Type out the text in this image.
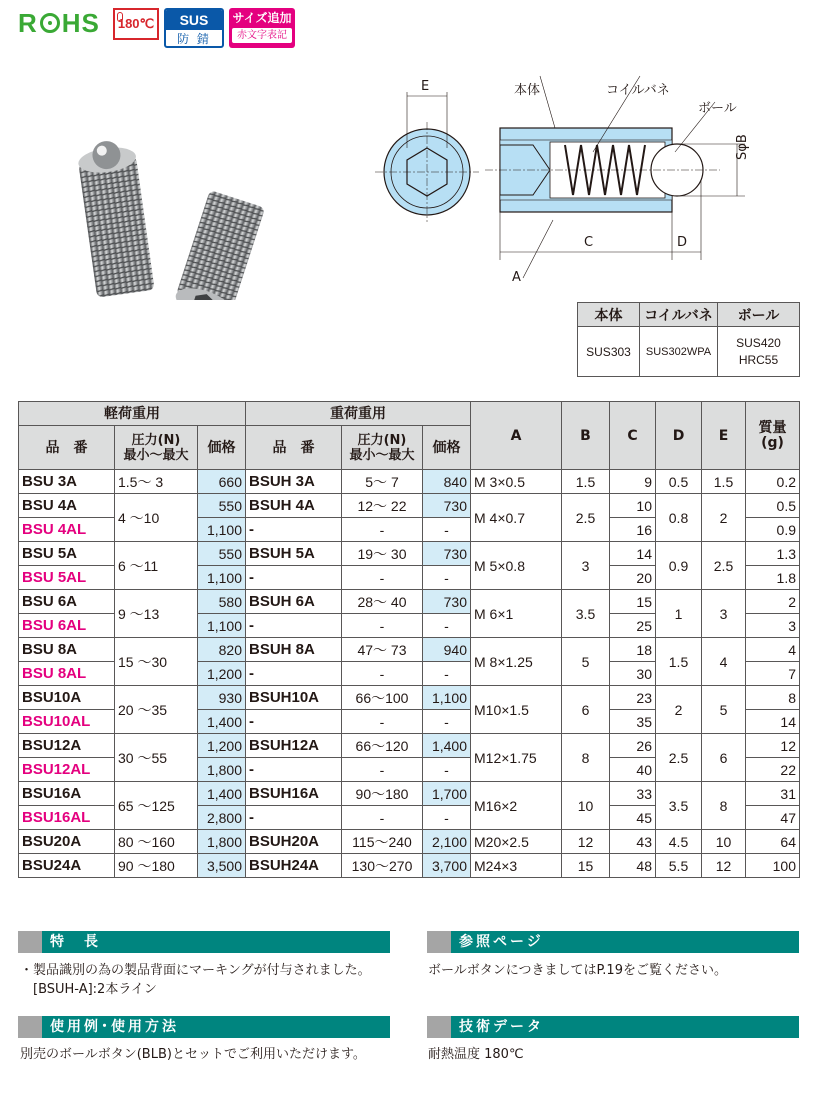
R HS 180℃	SUS
防 錆
サイズ追加
赤文字表記
E	本体	コイルバネ
ボール
SφB
C	D
A
本体	コイルバネ	ボール
SUS303	SUS302WPA	SUS420
HRC55
軽荷重用			重荷重用			A	B	C	D	E	質量
(g)
品　番	圧力(N)
最小～最大	価格	品　番	圧力(N)
最小～最大	価格						
BSU 3A	1.5～ 3	660	BSUH 3A	5～ 7	840	M 3×0.5	1.5	9	0.5	1.5	0.2
BSU 4A	4 ～10	550	BSUH 4A	12～ 22	730	M 4×0.7	2.5	10	0.8	2	0.5
BSU 4AL		1,100	-	-	-			16			0.9
BSU 5A	6 ～11	550	BSUH 5A	19～ 30	730	M 5×0.8	3	14	0.9	2.5	1.3
BSU 5AL		1,100	-	-	-			20			1.8
BSU 6A	9 ～13	580	BSUH 6A	28～ 40	730	M 6×1	3.5	15	1	3	2
BSU 6AL		1,100	-	-	-			25			3
BSU 8A	15 ～30	820	BSUH 8A	47～ 73	940	M 8×1.25	5	18	1.5	4	4
BSU 8AL		1,200	-	-	-			30			7
BSU10A	20 ～35	930	BSUH10A	66～100	1,100	M10×1.5	6	23	2	5	8
BSU10AL		1,400	-	-	-			35			14
BSU12A	30 ～55	1,200	BSUH12A	66～120	1,400	M12×1.75	8	26	2.5	6	12
BSU12AL		1,800	-	-	-			40			22
BSU16A	65 ～125	1,400	BSUH16A	90～180	1,700	M16×2	10	33	3.5	8	31
BSU16AL		2,800	-	-	-			45			47
BSU20A	80 ～160	1,800	BSUH20A	115～240	2,100	M20×2.5	12	43	4.5	10	64
BSU24A	90 ～180	3,500	BSUH24A	130～270	3,700	M24×3	15	48	5.5	12	100
特　長
・製品識別の為の製品背面にマーキングが付与されました。
　[BSUH-A]:2本ライン
参照ページ
ボールボタンにつきましてはP.19をご覧ください。
使用例･使用方法
別売のボールボタン(BLB)とセットでご利用いただけます。
技術データ
耐熱温度 180℃
